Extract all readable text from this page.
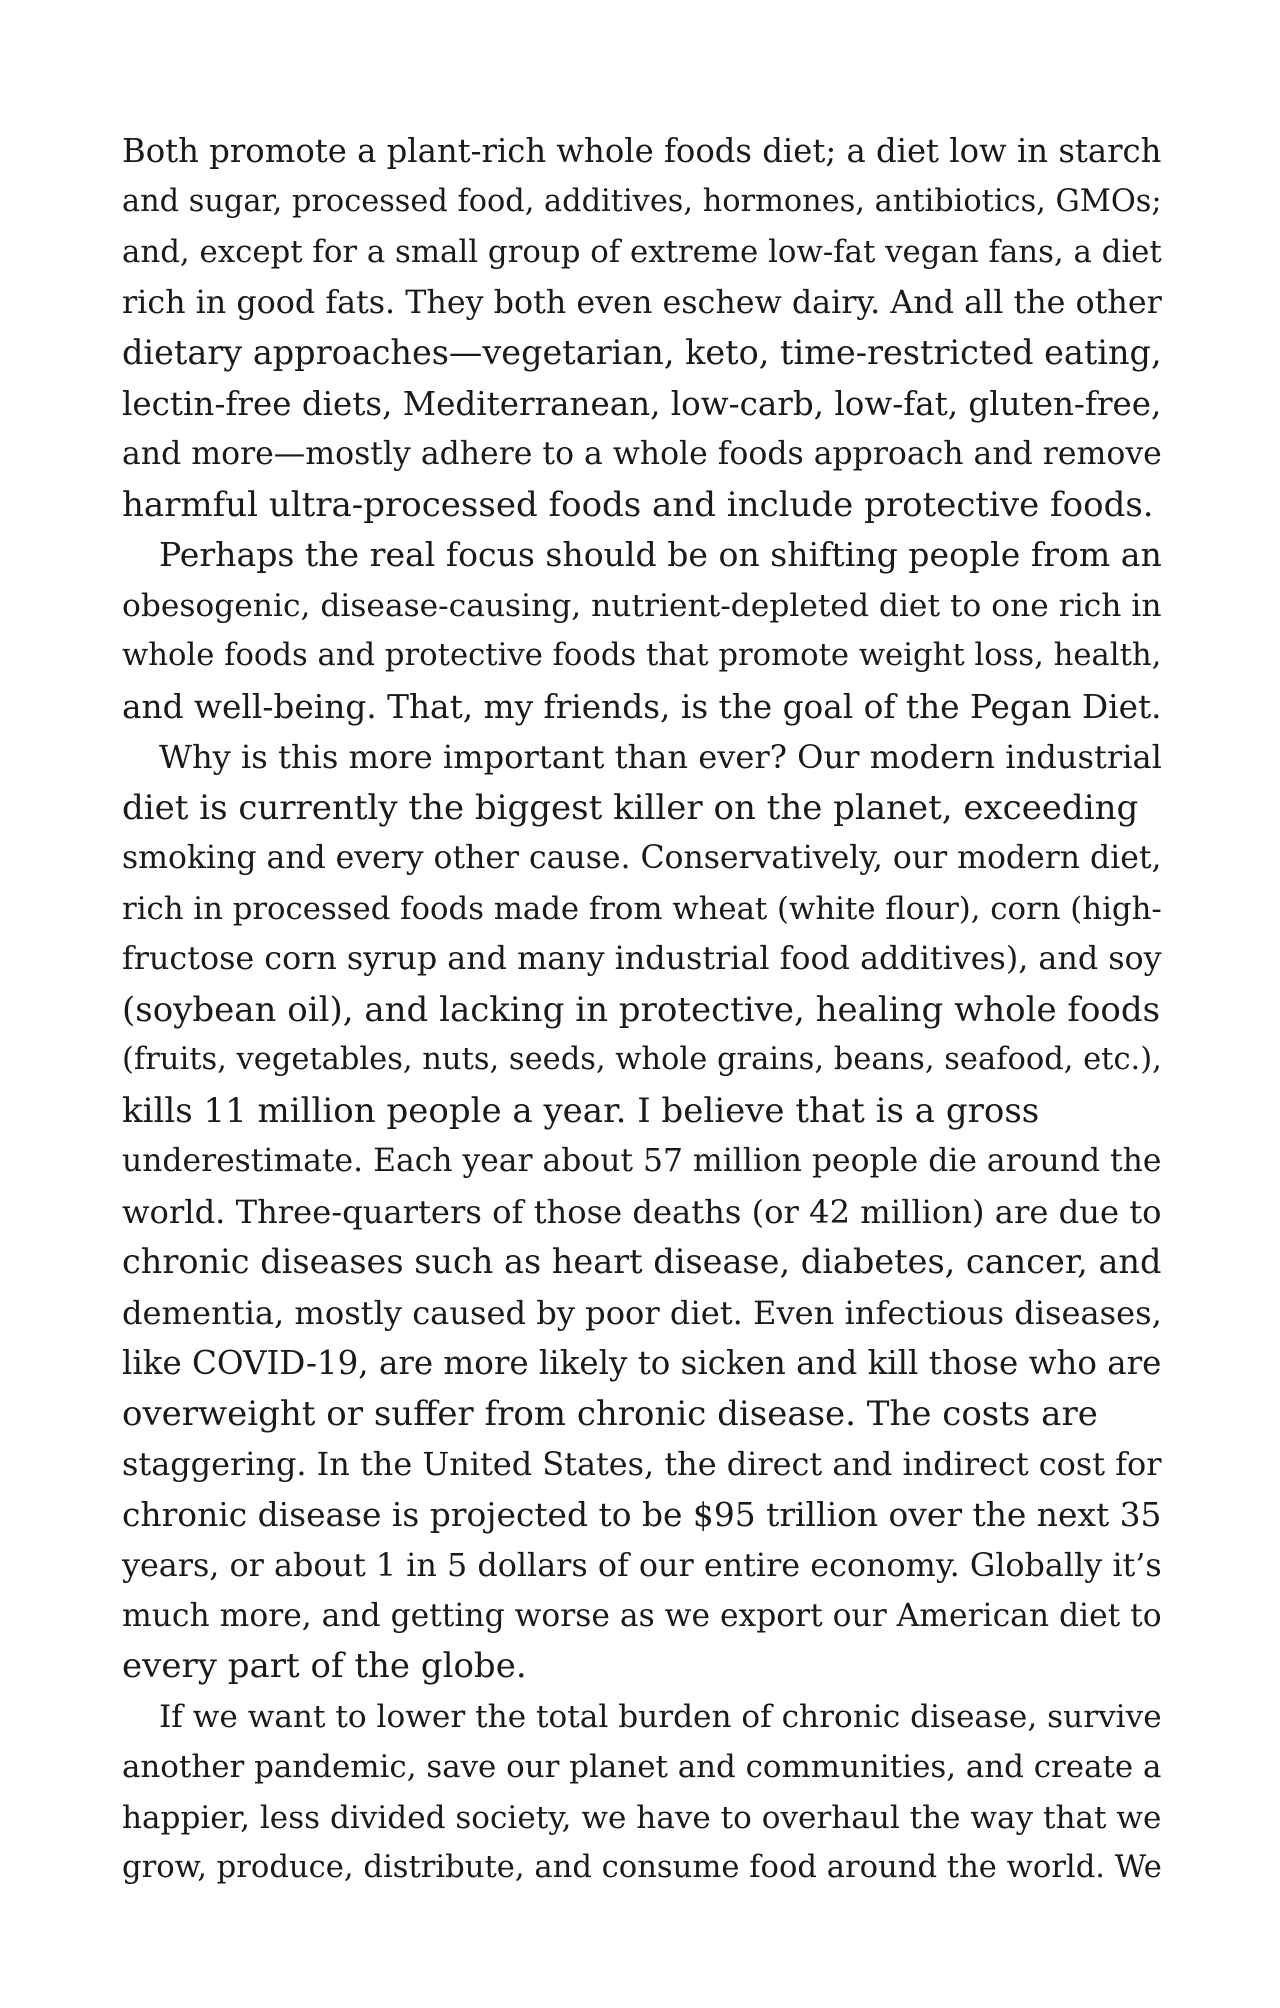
Both promote a plant-rich whole foods diet; a diet low in starch
and sugar, processed food, additives, hormones, antibiotics, GMOs;
and, except for a small group of extreme low-fat vegan fans, a diet
rich in good fats. They both even eschew dairy. And all the other
dietary approaches—vegetarian, keto, time-restricted eating,
lectin-free diets, Mediterranean, low-carb, low-fat, gluten-free,
and more—mostly adhere to a whole foods approach and remove
harmful ultra-processed foods and include protective foods.
Perhaps the real focus should be on shifting people from an
obesogenic, disease-causing, nutrient-depleted diet to one rich in
whole foods and protective foods that promote weight loss, health,
and well-being. That, my friends, is the goal of the Pegan Diet.
Why is this more important than ever? Our modern industrial
diet is currently the biggest killer on the planet, exceeding
smoking and every other cause. Conservatively, our modern diet,
rich in processed foods made from wheat (white flour), corn (high-
fructose corn syrup and many industrial food additives), and soy
(soybean oil), and lacking in protective, healing whole foods
(fruits, vegetables, nuts, seeds, whole grains, beans, seafood, etc.),
kills 11 million people a year. I believe that is a gross
underestimate. Each year about 57 million people die around the
world. Three-quarters of those deaths (or 42 million) are due to
chronic diseases such as heart disease, diabetes, cancer, and
dementia, mostly caused by poor diet. Even infectious diseases,
like COVID-19, are more likely to sicken and kill those who are
overweight or suffer from chronic disease. The costs are
staggering. In the United States, the direct and indirect cost for
chronic disease is projected to be $95 trillion over the next 35
years, or about 1 in 5 dollars of our entire economy. Globally it’s
much more, and getting worse as we export our American diet to
every part of the globe.
If we want to lower the total burden of chronic disease, survive
another pandemic, save our planet and communities, and create a
happier, less divided society, we have to overhaul the way that we
grow, produce, distribute, and consume food around the world. We
